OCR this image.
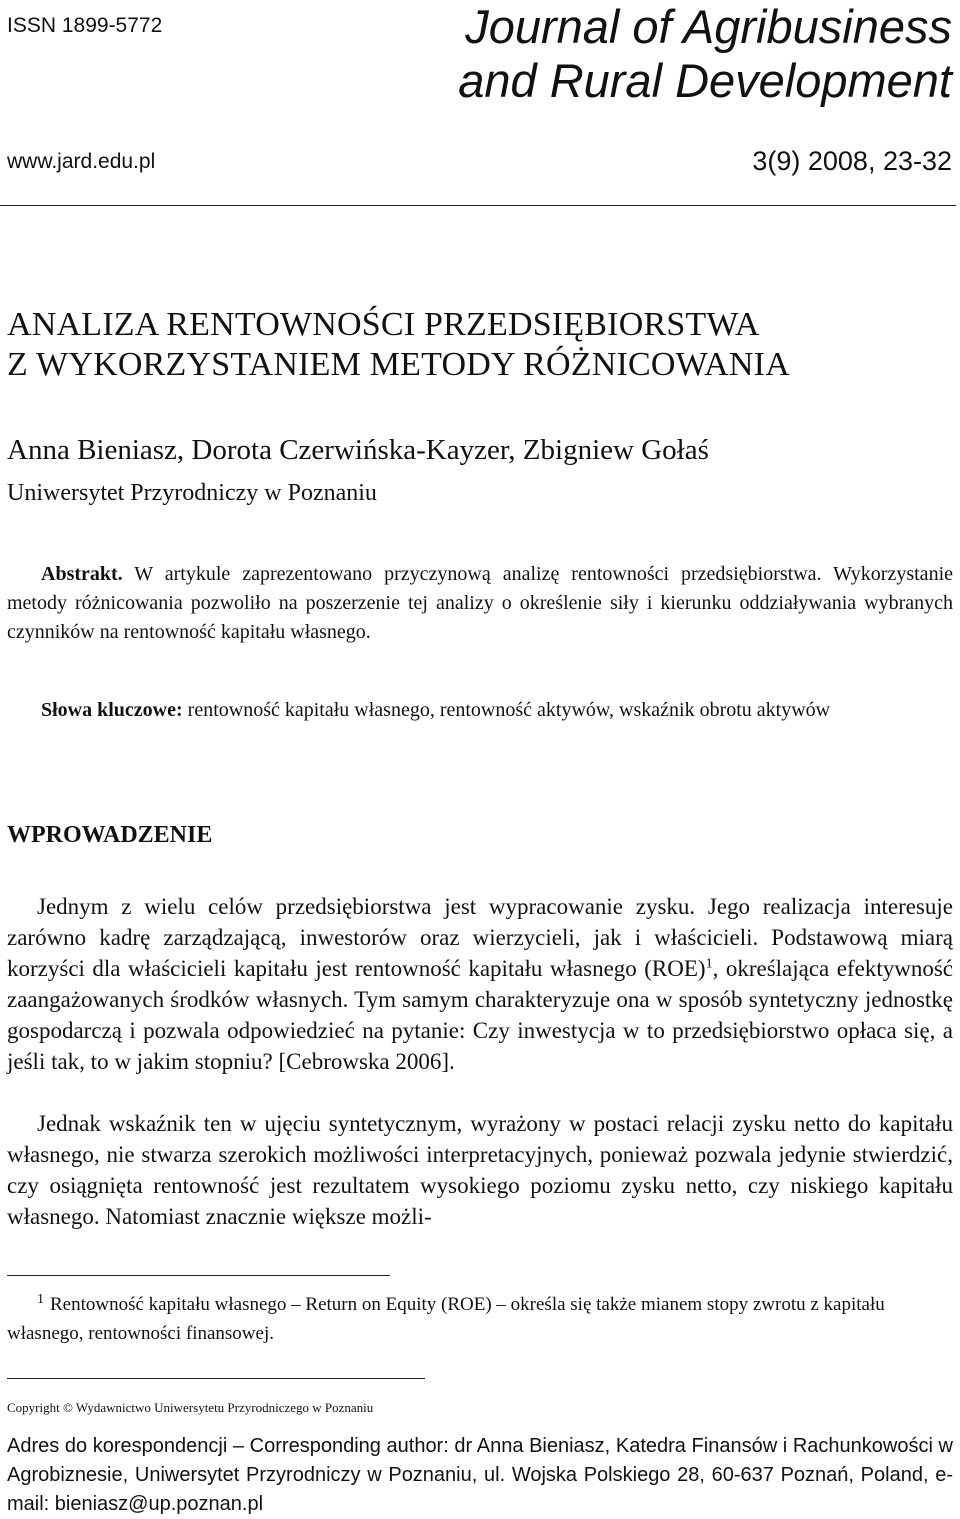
ISSN 1899-5772	Journal of Agribusiness
and Rural Development
www.jard.edu.pl	3(9) 2008, 23-32
ANALIZA RENTOWNOŚCI PRZEDSIĘBIORSTWA
Z WYKORZYSTANIEM METODY RÓŻNICOWANIA
Anna Bieniasz, Dorota Czerwińska-Kayzer, Zbigniew Gołaś
Uniwersytet Przyrodniczy w Poznaniu

Abstrakt. W artykule zaprezentowano przyczynową analizę rentowności przedsiębiorstwa. Wykorzystanie metody różnicowania pozwoliło na poszerzenie tej analizy o określenie siły i kierunku oddziaływania wybranych czynników na rentowność kapitału własnego.

Słowa kluczowe: rentowność kapitału własnego, rentowność aktywów, wskaźnik obrotu aktywów

WPROWADZENIE

Jednym z wielu celów przedsiębiorstwa jest wypracowanie zysku. Jego realizacja interesuje zarówno kadrę zarządzającą, inwestorów oraz wierzycieli, jak i właścicieli. Podstawową miarą korzyści dla właścicieli kapitału jest rentowność kapitału własnego (ROE)$^1$, określająca efektywność zaangażowanych środków własnych. Tym samym charakteryzuje ona w sposób syntetyczny jednostkę gospodarczą i pozwala odpowiedzieć na pytanie: Czy inwestycja w to przedsiębiorstwo opłaca się, a jeśli tak, to w jakim stopniu? [Cebrowska 2006].

Jednak wskaźnik ten w ujęciu syntetycznym, wyrażony w postaci relacji zysku netto do kapitału własnego, nie stwarza szerokich możliwości interpretacyjnych, ponieważ pozwala jedynie stwierdzić, czy osiągnięta rentowność jest rezultatem wysokiego poziomu zysku netto, czy niskiego kapitału własnego. Natomiast znacznie większe możli-

$^1$ Rentowność kapitału własnego – Return on Equity (ROE) – określa się także mianem stopy zwrotu z kapitału własnego, rentowności finansowej.

Copyright © Wydawnictwo Uniwersytetu Przyrodniczego w Poznaniu

Adres do korespondencji – Corresponding author: dr Anna Bieniasz, Katedra Finansów i Rachunkowości w Agrobiznesie, Uniwersytet Przyrodniczy w Poznaniu, ul. Wojska Polskiego 28, 60-637 Poznań, Poland, e-mail: bieniasz@up.poznan.pl
